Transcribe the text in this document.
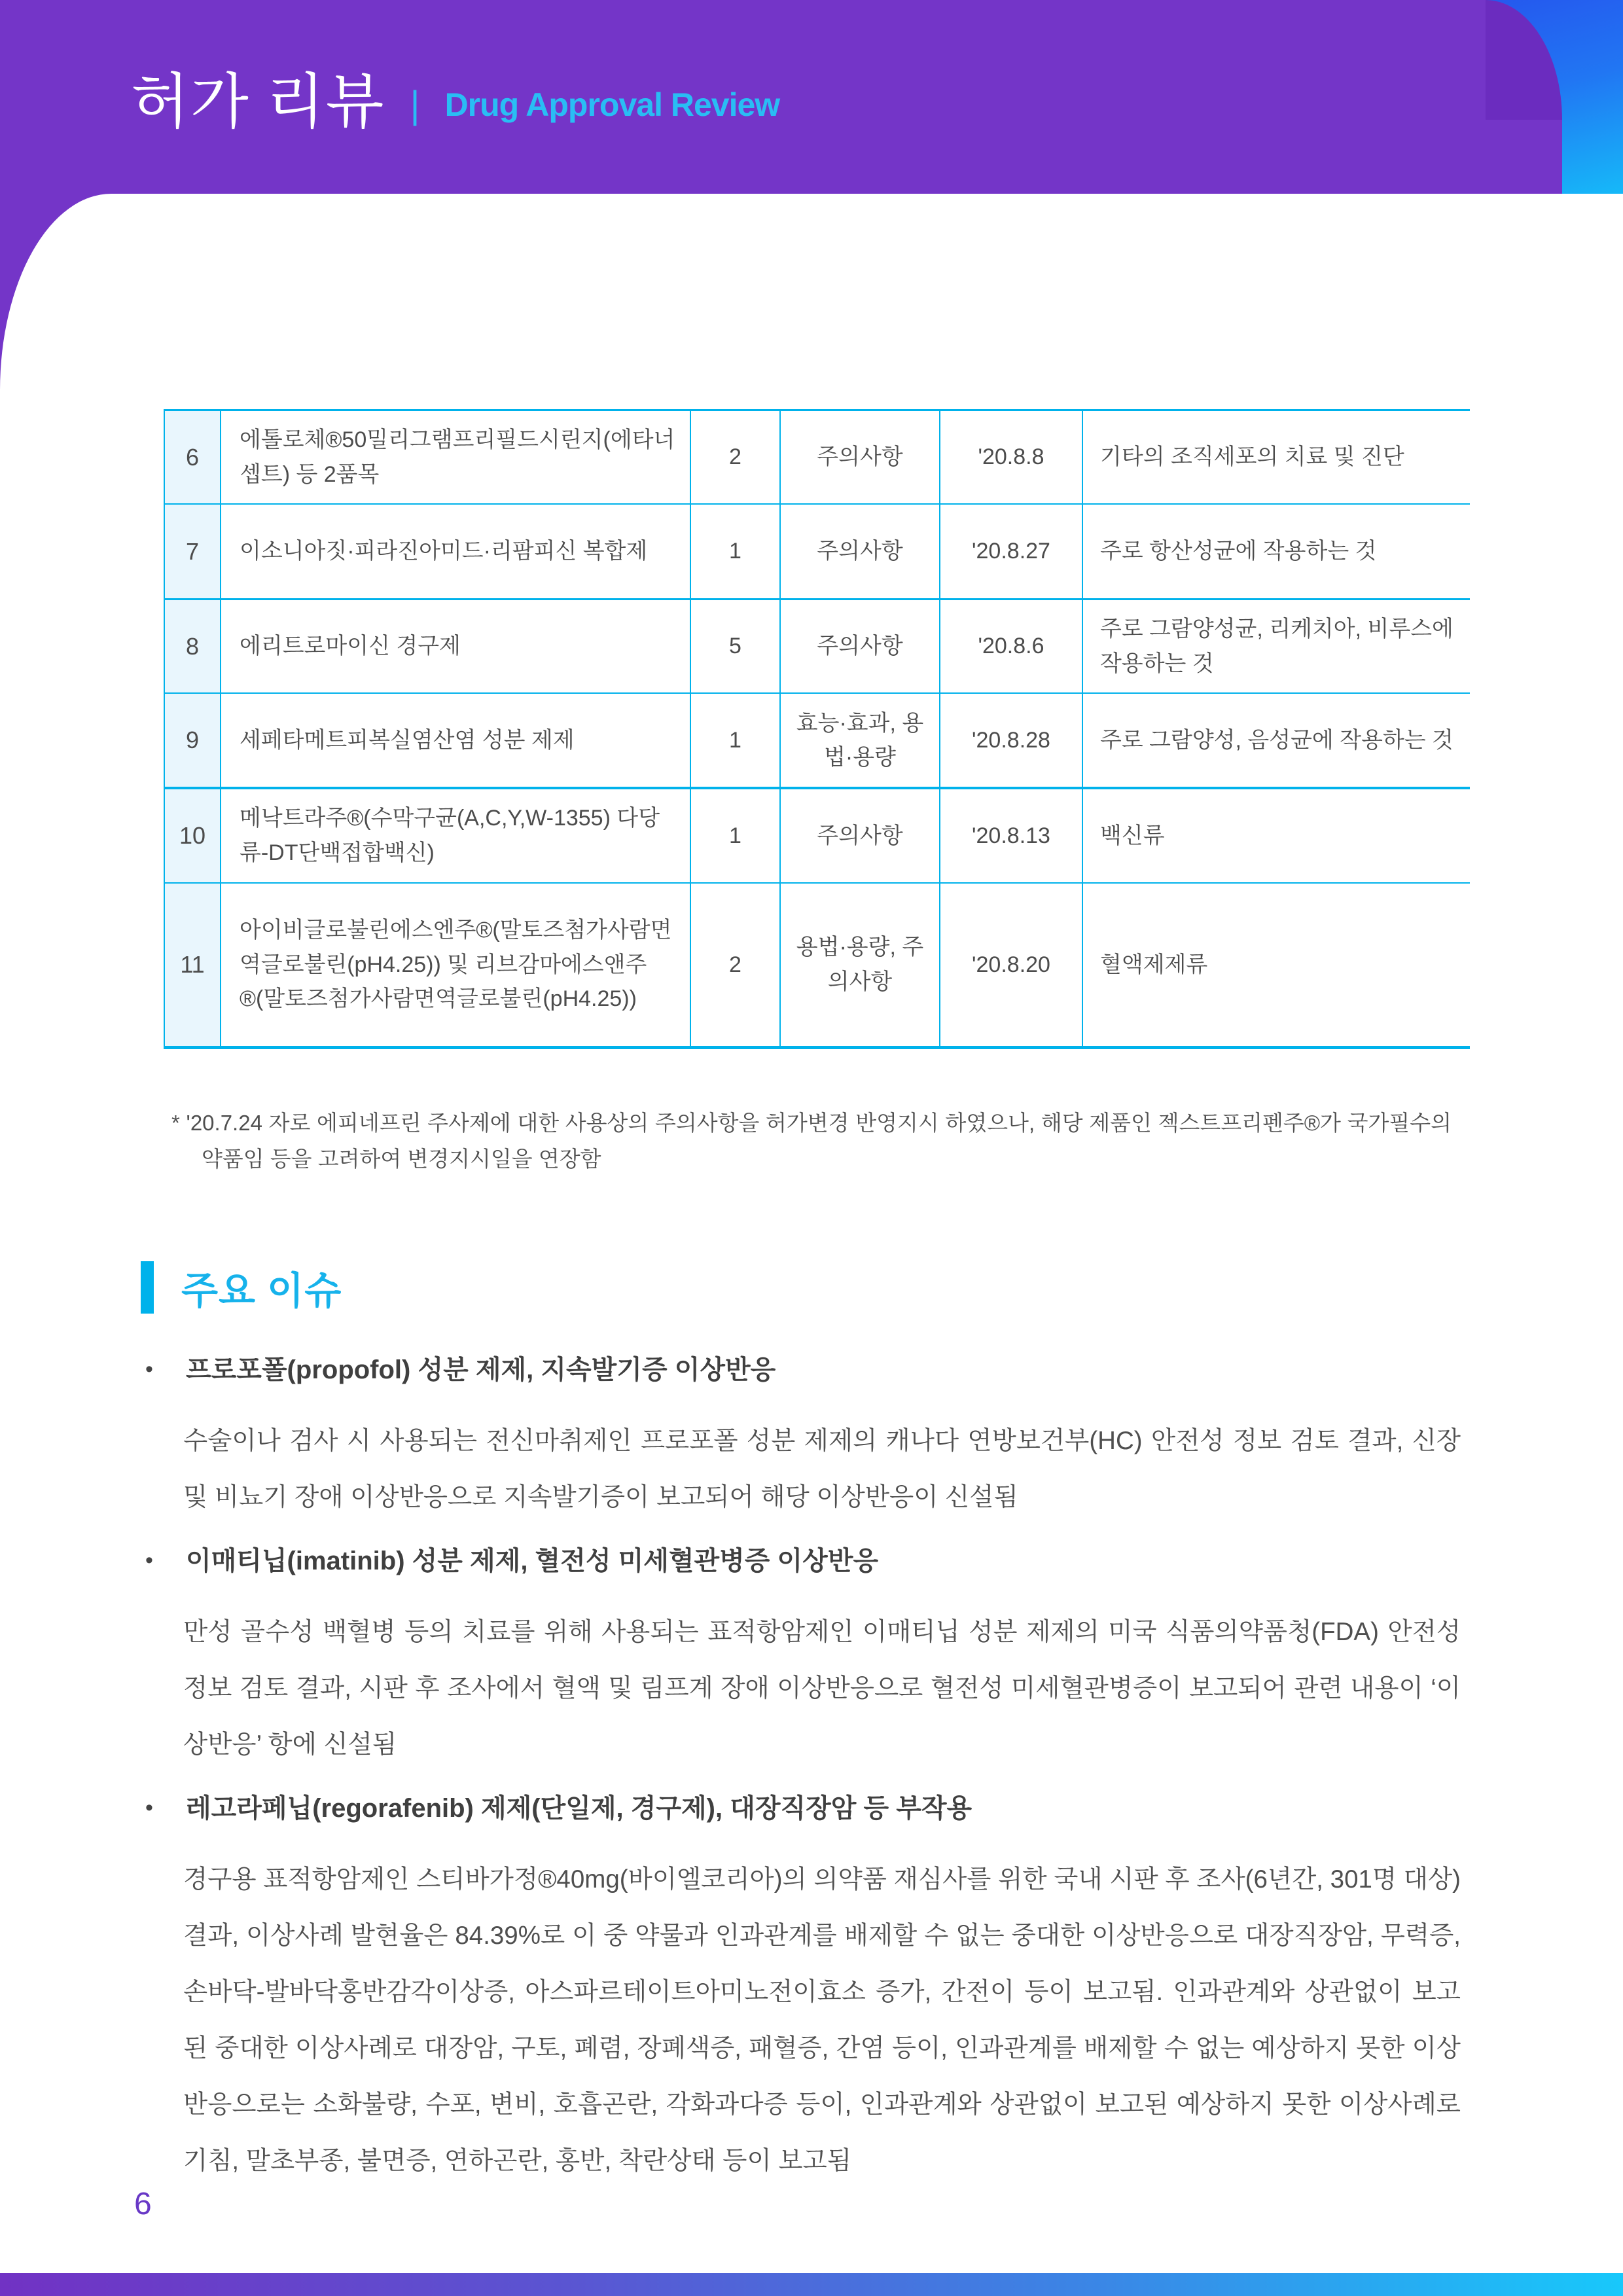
허가 리뷰 | Drug Approval Review
6	에톨로체®50밀리그램프리필드시린지(에타너셉트) 등 2품목	2	주의사항	'20.8.8	기타의 조직세포의 치료 및 진단
7	이소니아짓·피라진아미드·리팜피신 복합제	1	주의사항	'20.8.27	주로 항산성균에 작용하는 것
8	에리트로마이신 경구제	5	주의사항	'20.8.6	주로 그람양성균, 리케치아, 비루스에 작용하는 것
9	세페타메트피복실염산염 성분 제제	1	효능·효과, 용법·용량	'20.8.28	주로 그람양성, 음성균에 작용하는 것
10	메낙트라주®(수막구균(A,C,Y,W-1355) 다당류-DT단백접합백신)	1	주의사항	'20.8.13	백신류
11	아이비글로불린에스엔주®(말토즈첨가사람면역글로불린(pH4.25)) 및 리브감마에스앤주®(말토즈첨가사람면역글로불린(pH4.25))	2	용법·용량, 주의사항	'20.8.20	혈액제제류
* '20.7.24 자로 에피네프린 주사제에 대한 사용상의 주의사항을 허가변경 반영지시 하였으나, 해당 제품인 젝스트프리펜주®가 국가필수의약품임 등을 고려하여 변경지시일을 연장함
주요 이슈
•	프로포폴(propofol) 성분 제제, 지속발기증 이상반응
수술이나 검사 시 사용되는 전신마취제인 프로포폴 성분 제제의 캐나다 연방보건부(HC) 안전성 정보 검토 결과, 신장 및 비뇨기 장애 이상반응으로 지속발기증이 보고되어 해당 이상반응이 신설됨
•	이매티닙(imatinib) 성분 제제, 혈전성 미세혈관병증 이상반응
만성 골수성 백혈병 등의 치료를 위해 사용되는 표적항암제인 이매티닙 성분 제제의 미국 식품의약품청(FDA) 안전성 정보 검토 결과, 시판 후 조사에서 혈액 및 림프계 장애 이상반응으로 혈전성 미세혈관병증이 보고되어 관련 내용이 ‘이상반응’ 항에 신설됨
•	레고라페닙(regorafenib) 제제(단일제, 경구제), 대장직장암 등 부작용
경구용 표적항암제인 스티바가정®40mg(바이엘코리아)의 의약품 재심사를 위한 국내 시판 후 조사(6년간, 301명 대상) 결과, 이상사례 발현율은 84.39%로 이 중 약물과 인과관계를 배제할 수 없는 중대한 이상반응으로 대장직장암, 무력증, 손바닥-발바닥홍반감각이상증, 아스파르테이트아미노전이효소 증가, 간전이 등이 보고됨. 인과관계와 상관없이 보고된 중대한 이상사례로 대장암, 구토, 폐렴, 장폐색증, 패혈증, 간염 등이, 인과관계를 배제할 수 없는 예상하지 못한 이상반응으로는 소화불량, 수포, 변비, 호흡곤란, 각화과다증 등이, 인과관계와 상관없이 보고된 예상하지 못한 이상사례로 기침, 말초부종, 불면증, 연하곤란, 홍반, 착란상태 등이 보고됨
6
